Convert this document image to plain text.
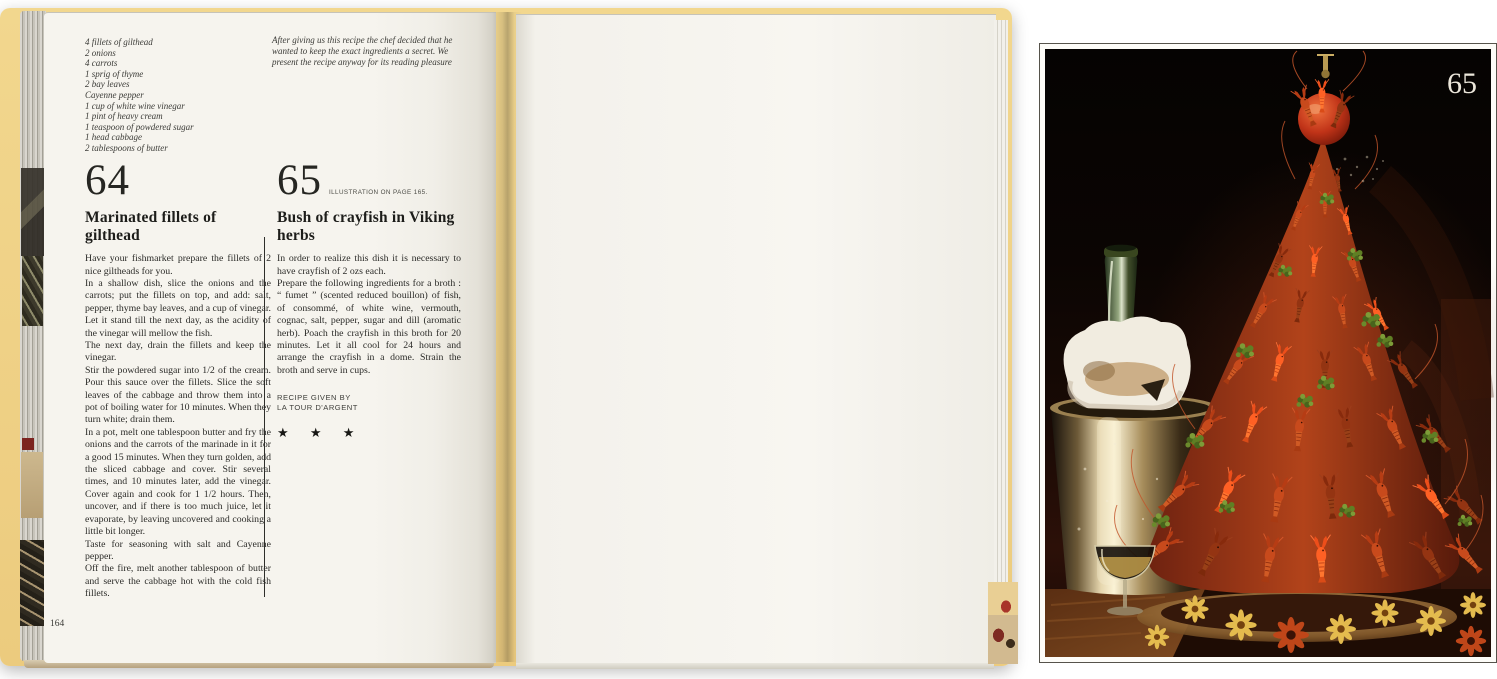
4 fillets of gilthead
2 onions
4 carrots
1 sprig of thyme
2 bay leaves
Cayenne pepper
1 cup of white wine vinegar
1 pint of heavy cream
1 teaspoon of powdered sugar
1 head cabbage
2 tablespoons of butter
After giving us this recipe the chef decided that he wanted to keep the exact ingredients a secret. We present the recipe anyway for its reading pleasure
64
Marinated fillets of gilthead

Have your fishmarket prepare the fillets of 2 nice giltheads for you.

In a shallow dish, slice the onions and the carrots; put the fillets on top, and add: salt, pepper, thyme bay leaves, and a cup of vinegar. Let it stand till the next day, as the acidity of the vinegar will mellow the fish.

The next day, drain the fillets and keep the vinegar.

Stir the powdered sugar into 1/2 of the cream. Pour this sauce over the fillets. Slice the soft leaves of the cabbage and throw them into a pot of boiling water for 10 minutes. When they turn white; drain them.

In a pot, melt one tablespoon butter and fry the onions and the carrots of the marinade in it for a good 15 minutes. When they turn golden, add the sliced cabbage and cover. Stir several times, and 10 minutes later, add the vinegar. Cover again and cook for 1 1/2 hours. Then, uncover, and if there is too much juice, let it evaporate, by leaving uncovered and cooking a little bit longer.

Taste for seasoning with salt and Cayenne pepper.

Off the fire, melt another tablespoon of butter and serve the cabbage hot with the cold fish fillets.

65 ILLUSTRATION ON PAGE 165.
Bush of crayfish in Viking herbs

In order to realize this dish it is necessary to have crayfish of 2 ozs each.

Prepare the following ingredients for a broth : “ fumet ” (scented reduced bouillon) of fish, of consommé, of white wine, vermouth, cognac, salt, pepper, sugar and dill (aromatic herb). Poach the crayfish in this broth for 20 minutes. Let it all cool for 24 hours and arrange the crayfish in a dome. Strain the broth and serve in cups.

RECIPE GIVEN BY
LA TOUR D'ARGENT
★ ★ ★
164
65
